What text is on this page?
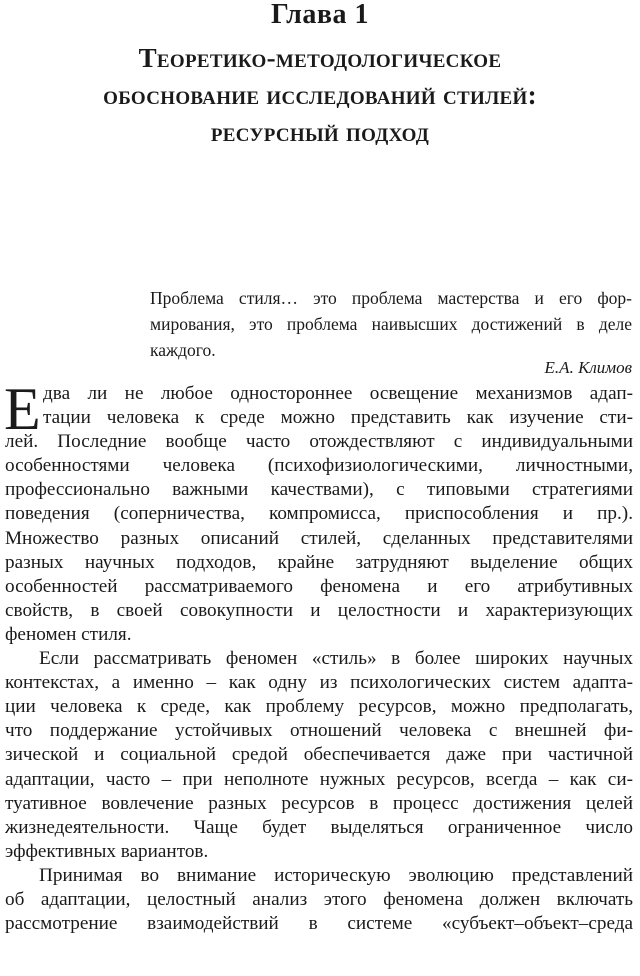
Глава 1
Теоретико-методологическое
обоснование исследований стилей:
ресурсный подход
Проблема стиля… это проблема мастерства и его фор-
мирования, это проблема наивысших достижений в деле
каждого.
Е.А. Климов
Е два ли не любое одностороннее освещение механизмов адап-
тации человека к среде можно представить как изучение сти-
лей. Последние вообще часто отождествляют с индивидуальными
особенностями человека (психофизиологическими, личностными,
профессионально важными качествами), с типовыми стратегиями
поведения (соперничества, компромисса, приспособления и пр.).
Множество разных описаний стилей, сделанных представителями
разных научных подходов, крайне затрудняют выделение общих
особенностей рассматриваемого феномена и его атрибутивных
свойств, в своей совокупности и целостности и характеризующих
феномен стиля.
Если рассматривать феномен «стиль» в более широких научных
контекстах, а именно – как одну из психологических систем адапта-
ции человека к среде, как проблему ресурсов, можно предполагать,
что поддержание устойчивых отношений человека с внешней фи-
зической и социальной средой обеспечивается даже при частичной
адаптации, часто – при неполноте нужных ресурсов, всегда – как си-
туативное вовлечение разных ресурсов в процесс достижения целей
жизнедеятельности. Чаще будет выделяться ограниченное число
эффективных вариантов.
Принимая во внимание историческую эволюцию представлений
об адаптации, целостный анализ этого феномена должен включать
рассмотрение взаимодействий в системе «субъект–объект–среда
